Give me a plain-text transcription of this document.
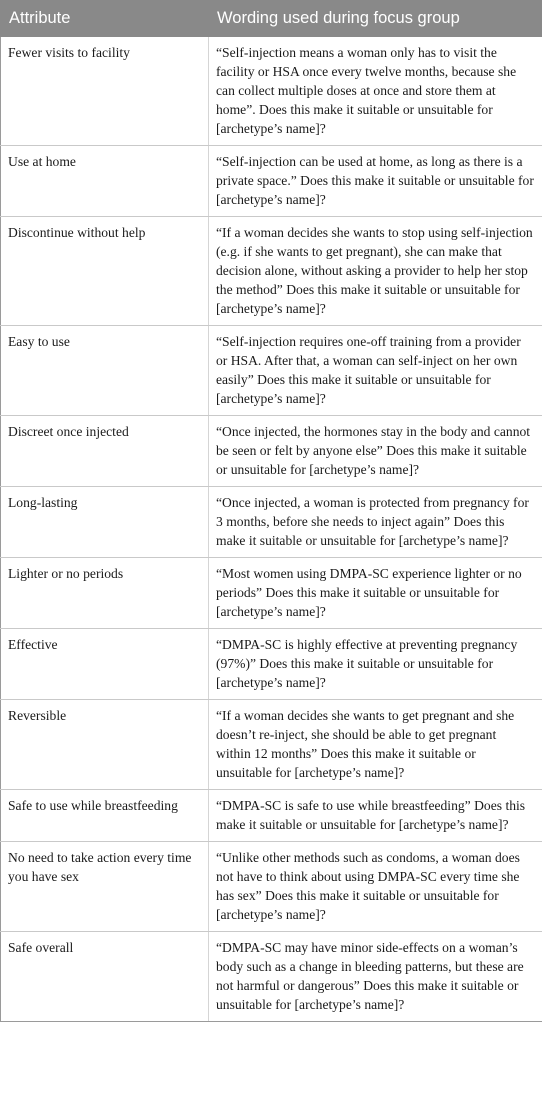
Attribute	Wording used during focus group
Fewer visits to facility	“Self-injection means a woman only has to visit the facility or HSA once every twelve months, because she can collect multiple doses at once and store them at home”. Does this make it suitable or unsuitable for [archetype’s name]?
Use at home	“Self-injection can be used at home, as long as there is a private space.” Does this make it suitable or unsuitable for [archetype’s name]?
Discontinue without help	“If a woman decides she wants to stop using self-injection (e.g. if she wants to get pregnant), she can make that decision alone, without asking a provider to help her stop the method” Does this make it suitable or unsuitable for [archetype’s name]?
Easy to use	“Self-injection requires one-off training from a provider or HSA. After that, a woman can self-inject on her own easily” Does this make it suitable or unsuitable for [archetype’s name]?
Discreet once injected	“Once injected, the hormones stay in the body and cannot be seen or felt by anyone else” Does this make it suitable or unsuitable for [archetype’s name]?
Long-lasting	“Once injected, a woman is protected from pregnancy for 3 months, before she needs to inject again” Does this make it suitable or unsuitable for [archetype’s name]?
Lighter or no periods	“Most women using DMPA-SC experience lighter or no periods” Does this make it suitable or unsuitable for [archetype’s name]?
Effective	“DMPA-SC is highly effective at preventing pregnancy (97%)” Does this make it suitable or unsuitable for [archetype’s name]?
Reversible	“If a woman decides she wants to get pregnant and she doesn’t re-inject, she should be able to get pregnant within 12 months” Does this make it suitable or unsuitable for [archetype’s name]?
Safe to use while breastfeeding	“DMPA-SC is safe to use while breastfeeding” Does this make it suitable or unsuitable for [archetype’s name]?
No need to take action every time you have sex	“Unlike other methods such as condoms, a woman does not have to think about using DMPA-SC every time she has sex” Does this make it suitable or unsuitable for [archetype’s name]?
Safe overall	“DMPA-SC may have minor side-effects on a woman’s body such as a change in bleeding patterns, but these are not harmful or dangerous” Does this make it suitable or unsuitable for [archetype’s name]?
